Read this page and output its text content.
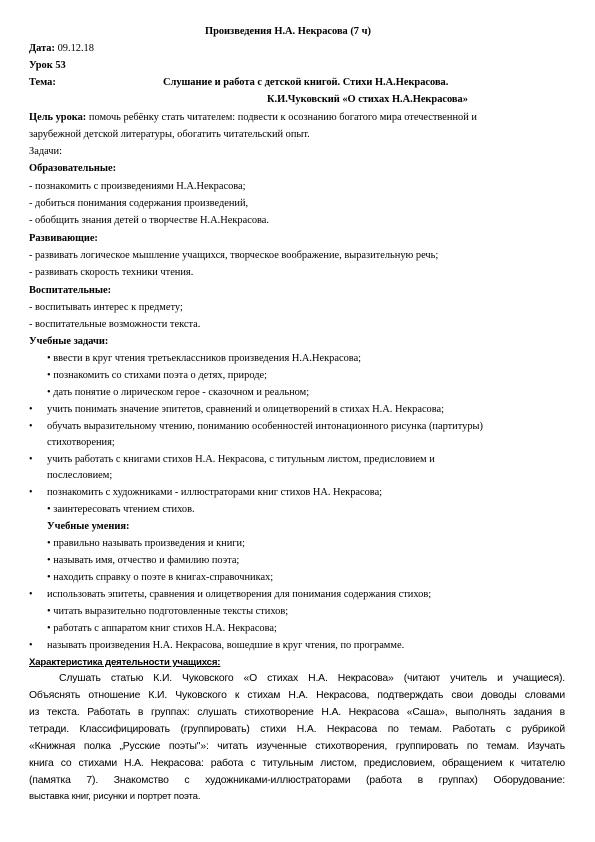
Произведения Н.А. Некрасова (7 ч)
Дата: 09.12.18
Урок 53
Тема:	Слушание и работа с детской книгой. Стихи Н.А.Некрасова.
К.И.Чуковский «О стихах Н.А.Некрасова»
Цель урока: помочь ребёнку стать читателем: подвести к осознанию богатого мира отечественной и
зарубежной детской литературы, обогатить читательский опыт.
Задачи:
Образовательные:
- познакомить с произведениями Н.А.Некрасова;
- добиться понимания содержания произведений,
- обобщить знания детей о творчестве Н.А.Некрасова.
Развивающие:
- развивать логическое мышление учащихся, творческое воображение, выразительную речь;
- развивать скорость техники чтения.
Воспитательные:
- воспитывать интерес к предмету;
- воспитательные возможности текста.
Учебные задачи:
• ввести в круг чтения третьеклассников произведения Н.А.Некрасова;
• познакомить со стихами поэта о детях, природе;
• дать понятие о лирическом герое - сказочном и реальном;
• учить понимать значение эпитетов, сравнений и олицетворений в стихах Н.А. Некрасова;
• обучать выразительному чтению, пониманию особенностей интонационного рисунка (партитуры)
стихотворения;
• учить работать с книгами стихов Н.А. Некрасова, с титульным листом, предисловием и
послесловием;
• познакомить с художниками - иллюстраторами книг стихов НА. Некрасова;
• заинтересовать чтением стихов.
Учебные умения:
• правильно называть произведения и книги;
• называть имя, отчество и фамилию поэта;
• находить справку о поэте в книгах-справочниках;
• использовать эпитеты, сравнения и олицетворения для понимания содержания стихов;
• читать выразительно подготовленные тексты стихов;
• работать с аппаратом книг стихов Н.А. Некрасова;
• называть произведения Н.А. Некрасова, вошедшие в круг чтения, по программе.
Характеристика деятельности учащихся:
Слушать статью К.И. Чуковского «О стихах Н.А. Некрасова» (читают учитель и учащиеся).
Объяснять отношение К.И. Чуковского к стихам Н.А. Некрасова, подтверждать свои доводы словами
из текста. Работать в группах: слушать стихотворение Н.А. Некрасова «Саша», выполнять задания в
тетради. Классифицировать (группировать) стихи Н.А. Некрасова по темам. Работать с рубрикой
«Книжная полка „Русские поэты"»: читать изученные стихотворения, группировать по темам. Изучать
книга со стихами Н.А. Некрасова: работа с титульным листом, предисловием, обращением к читателю
(памятка 7). Знакомство с художниками-иллюстраторами (работа в группах) Оборудование:
выставка книг, рисунки и портрет поэта.
